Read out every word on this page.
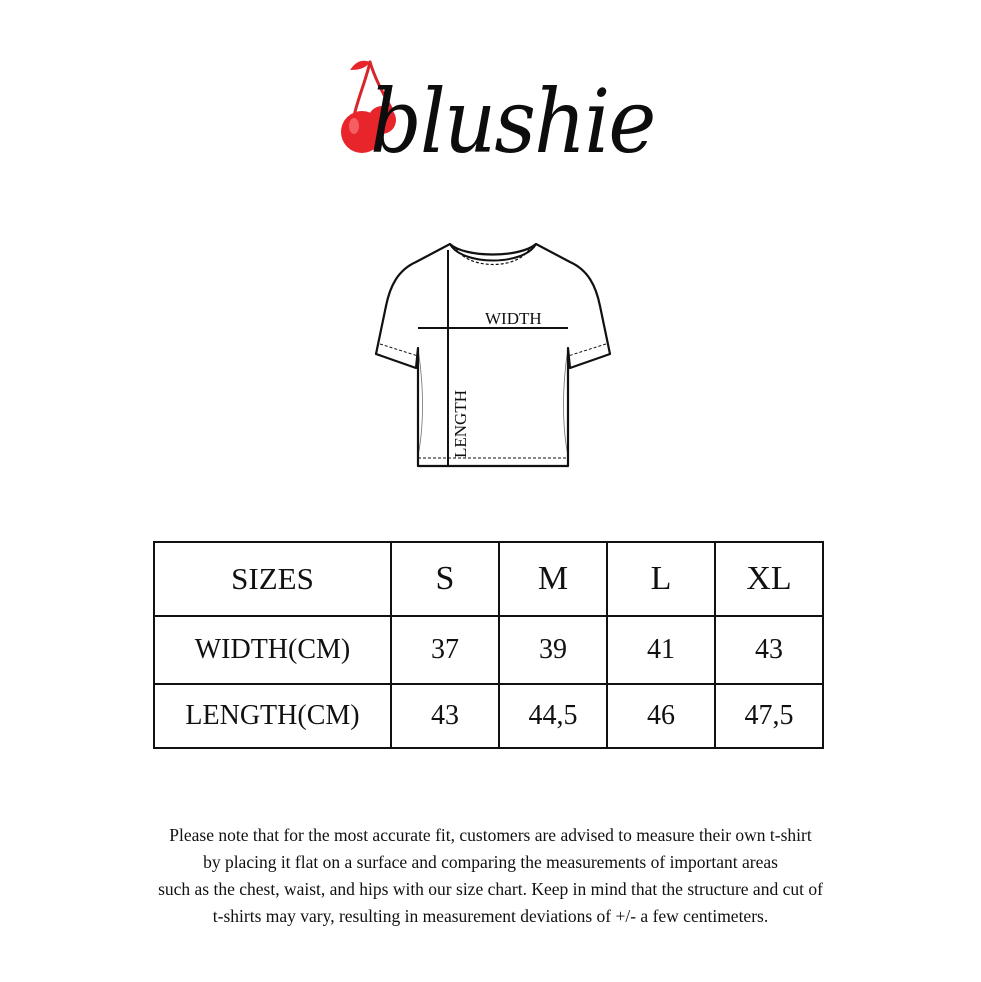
blushie
WIDTH
LENGTH
SIZES	S	M	L	XL
WIDTH(CM)	37	39	41	43
LENGTH(CM)	43	44,5	46	47,5
Please note that for the most accurate fit, customers are advised to measure their own t-shirt
by placing it flat on a surface and comparing the measurements of important areas
such as the chest, waist, and hips with our size chart. Keep in mind that the structure and cut of
t-shirts may vary, resulting in measurement deviations of +/- a few centimeters.
